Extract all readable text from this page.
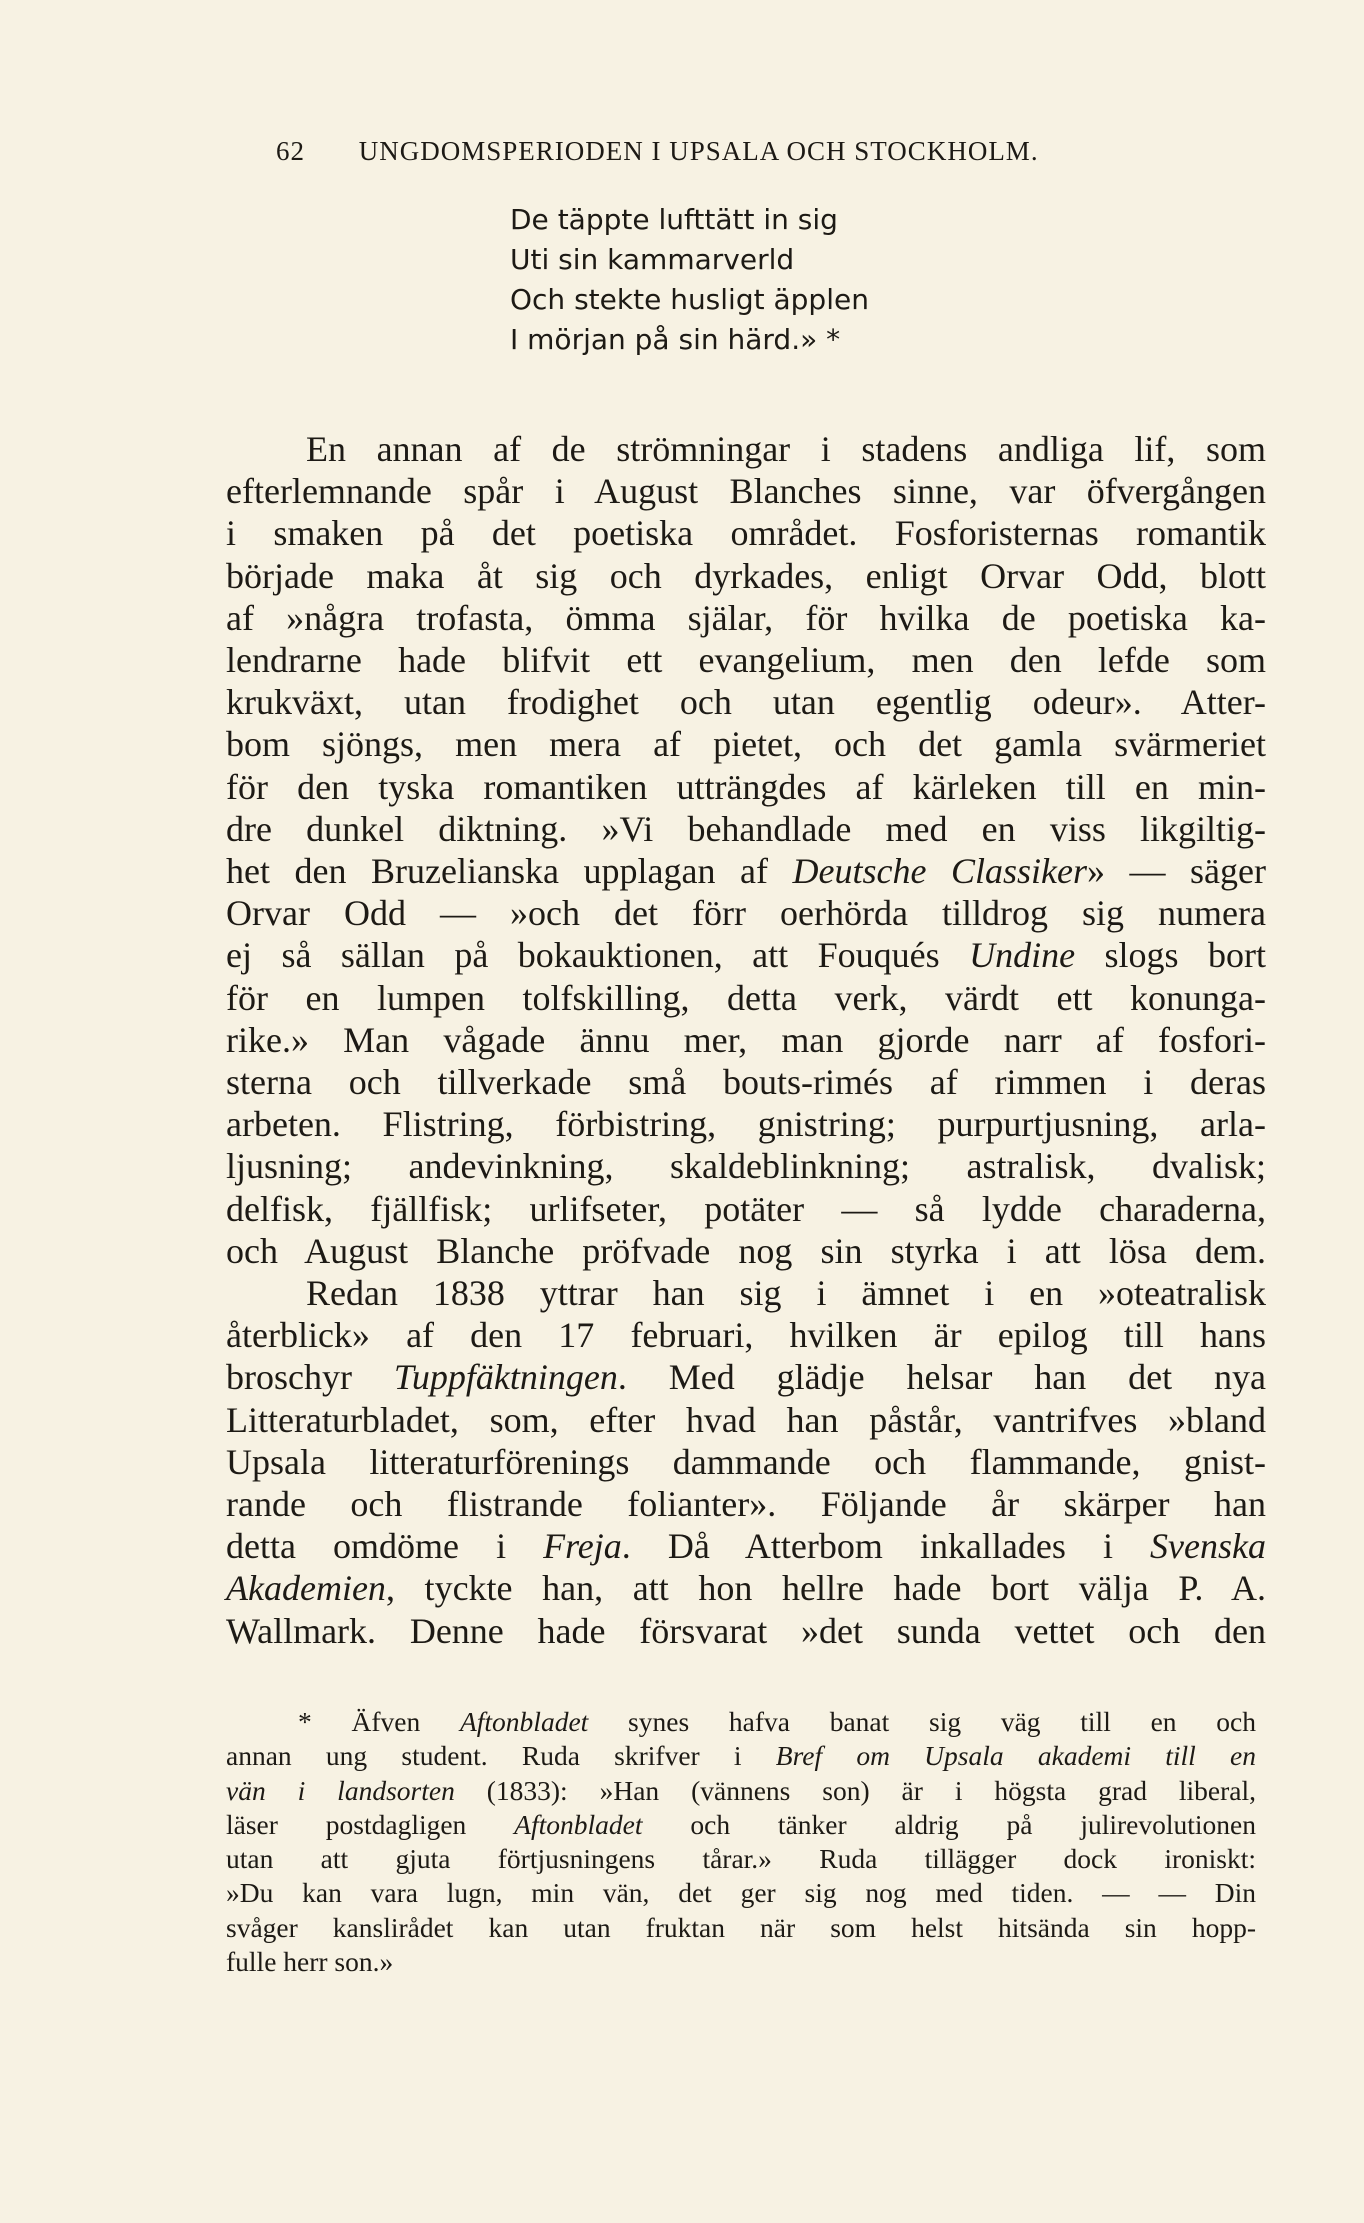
62 UNGDOMSPERIODEN I UPSALA OCH STOCKHOLM.
De täppte lufttätt in sig
Uti sin kammarverld
Och stekte husligt äpplen
I mörjan på sin härd.» *
En annan af de strömningar i stadens andliga lif, som
efterlemnande spår i August Blanches sinne, var öfvergången
i smaken på det poetiska området. Fosforisternas romantik
började maka åt sig och dyrkades, enligt Orvar Odd, blott
af »några trofasta, ömma själar, för hvilka de poetiska ka-
lendrarne hade blifvit ett evangelium, men den lefde som
krukväxt, utan frodighet och utan egentlig odeur». Atter-
bom sjöngs, men mera af pietet, och det gamla svärmeriet
för den tyska romantiken utträngdes af kärleken till en min-
dre dunkel diktning. »Vi behandlade med en viss likgiltig-
het den Bruzelianska upplagan af Deutsche Classiker» — säger
Orvar Odd — »och det förr oerhörda tilldrog sig numera
ej så sällan på bokauktionen, att Fouqués Undine slogs bort
för en lumpen tolfskilling, detta verk, värdt ett konunga-
rike.» Man vågade ännu mer, man gjorde narr af fosfori-
sterna och tillverkade små bouts-rimés af rimmen i deras
arbeten. Flistring, förbistring, gnistring; purpurtjusning, arla-
ljusning; andevinkning, skaldeblinkning; astralisk, dvalisk;
delfisk, fjällfisk; urlifseter, potäter — så lydde charaderna,
och August Blanche pröfvade nog sin styrka i att lösa dem.
Redan 1838 yttrar han sig i ämnet i en »oteatralisk
återblick» af den 17 februari, hvilken är epilog till hans
broschyr Tuppfäktningen. Med glädje helsar han det nya
Litteraturbladet, som, efter hvad han påstår, vantrifves »bland
Upsala litteraturförenings dammande och flammande, gnist-
rande och flistrande folianter». Följande år skärper han
detta omdöme i Freja. Då Atterbom inkallades i Svenska
Akademien, tyckte han, att hon hellre hade bort välja P. A.
Wallmark. Denne hade försvarat »det sunda vettet och den
* Äfven Aftonbladet synes hafva banat sig väg till en och
annan ung student. Ruda skrifver i Bref om Upsala akademi till en
vän i landsorten (1833): »Han (vännens son) är i högsta grad liberal,
läser postdagligen Aftonbladet och tänker aldrig på julirevolutionen
utan att gjuta förtjusningens tårar.» Ruda tillägger dock ironiskt:
»Du kan vara lugn, min vän, det ger sig nog med tiden. — — Din
svåger kanslirådet kan utan fruktan när som helst hitsända sin hopp-
fulle herr son.»
